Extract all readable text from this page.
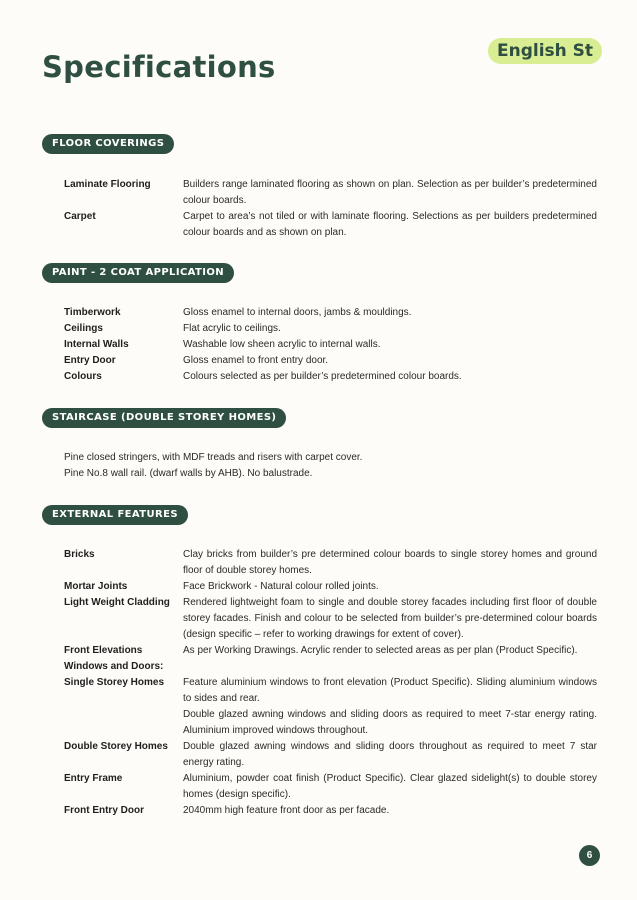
Specifications	English St
FLOOR COVERINGS
Laminate Flooring	Builders range laminated flooring as shown on plan. Selection as per builder’s predetermined colour boards.
Carpet	Carpet to area’s not tiled or with laminate flooring. Selections as per builders predetermined colour boards and as shown on plan.
PAINT - 2 COAT APPLICATION
Timberwork	Gloss enamel to internal doors, jambs & mouldings.
Ceilings	Flat acrylic to ceilings.
Internal Walls	Washable low sheen acrylic to internal walls.
Entry Door	Gloss enamel to front entry door.
Colours	Colours selected as per builder’s predetermined colour boards.
STAIRCASE (DOUBLE STOREY HOMES)
Pine closed stringers, with MDF treads and risers with carpet cover.
Pine No.8 wall rail. (dwarf walls by AHB). No balustrade.
EXTERNAL FEATURES
Bricks	Clay bricks from builder’s pre determined colour boards to single storey homes and ground floor of double storey homes.
Mortar Joints	Face Brickwork - Natural colour rolled joints.
Light Weight Cladding	Rendered lightweight foam to single and double storey facades including first floor of double storey facades. Finish and colour to be selected from builder’s pre-determined colour boards (design specific – refer to working drawings for extent of cover).
Front Elevations	As per Working Drawings. Acrylic render to selected areas as per plan (Product Specific).
Windows and Doors:
Single Storey Homes	Feature aluminium windows to front elevation (Product Specific). Sliding aluminium windows to sides and rear.
Double glazed awning windows and sliding doors as required to meet 7-star energy rating. Aluminium improved windows throughout.
Double Storey Homes	Double glazed awning windows and sliding doors throughout as required to meet 7 star energy rating.
Entry Frame	Aluminium, powder coat finish (Product Specific). Clear glazed sidelight(s) to double storey homes (design specific).
Front Entry Door	2040mm high feature front door as per facade.
6
